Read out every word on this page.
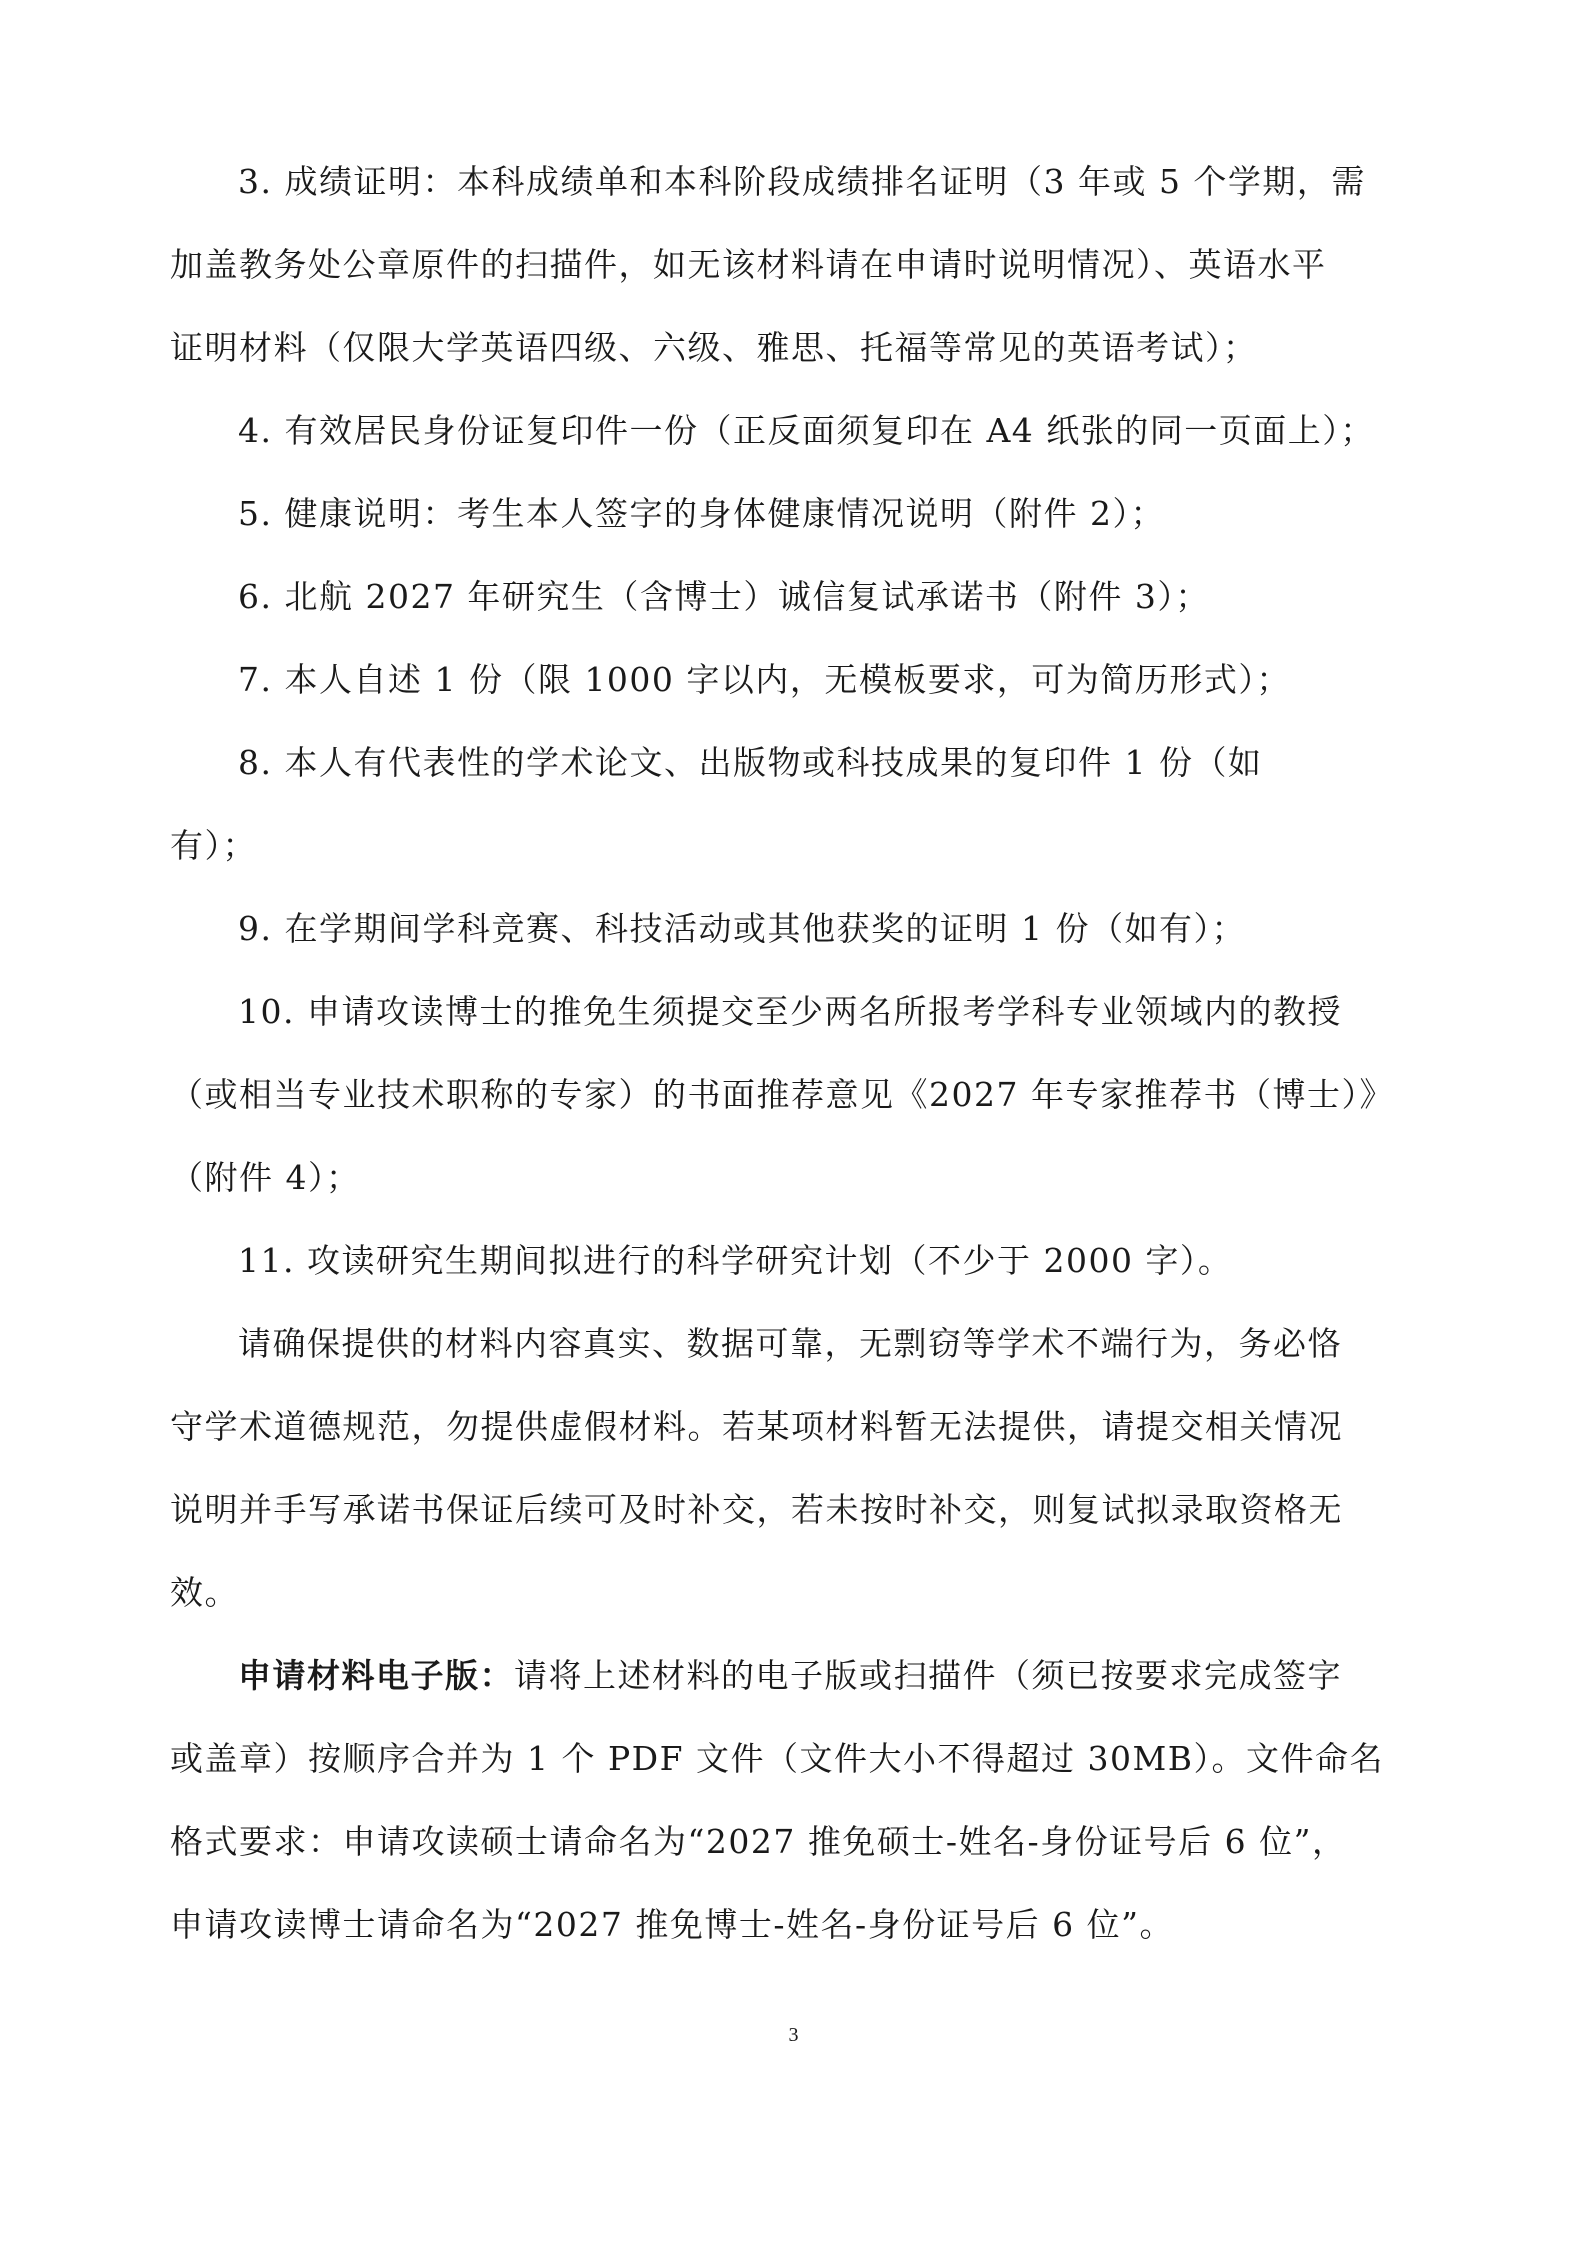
3. 成绩证明：本科成绩单和本科阶段成绩排名证明（3 年或 5 个学期，需
加盖教务处公章原件的扫描件，如无该材料请在申请时说明情况）、英语水平
证明材料（仅限大学英语四级、六级、雅思、托福等常见的英语考试）；
4. 有效居民身份证复印件一份（正反面须复印在 A4 纸张的同一页面上）；
5. 健康说明：考生本人签字的身体健康情况说明（附件 2）；
6. 北航 2027 年研究生（含博士）诚信复试承诺书（附件 3）；
7. 本人自述 1 份（限 1000 字以内，无模板要求，可为简历形式）；
8. 本人有代表性的学术论文、出版物或科技成果的复印件 1 份（如
有）；
9. 在学期间学科竞赛、科技活动或其他获奖的证明 1 份（如有）；
10. 申请攻读博士的推免生须提交至少两名所报考学科专业领域内的教授
（或相当专业技术职称的专家）的书面推荐意见《2027 年专家推荐书（博士）》
（附件 4）；
11. 攻读研究生期间拟进行的科学研究计划（不少于 2000 字）。
请确保提供的材料内容真实、数据可靠，无剽窃等学术不端行为，务必恪
守学术道德规范，勿提供虚假材料。若某项材料暂无法提供，请提交相关情况
说明并手写承诺书保证后续可及时补交，若未按时补交，则复试拟录取资格无
效。
申请材料电子版：请将上述材料的电子版或扫描件（须已按要求完成签字
或盖章）按顺序合并为 1 个 PDF 文件（文件大小不得超过 30MB）。文件命名
格式要求：申请攻读硕士请命名为“2027 推免硕士-姓名-身份证号后 6 位”，
申请攻读博士请命名为“2027 推免博士-姓名-身份证号后 6 位”。
3
